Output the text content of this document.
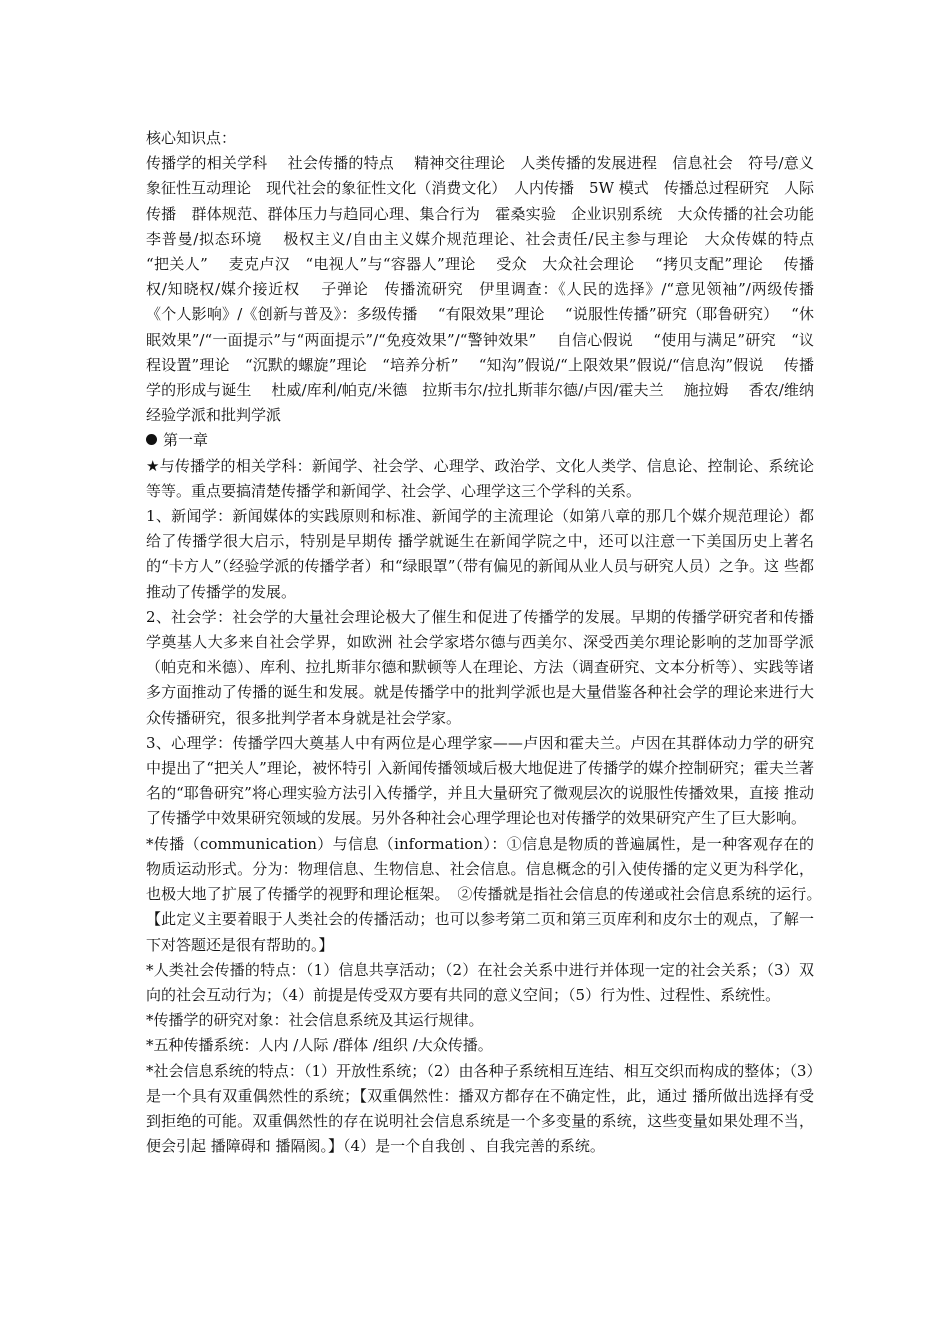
核心知识点：

传播学的相关学科　 社会传播的特点　 精神交往理论　人类传播的发展进程　信息社会　符号/意义象征性互动理论　现代社会的象征性文化（消费文化）　人内传播　5W 模式　传播总过程研究　人际传播　群体规范、群体压力与趋同心理、集合行为　霍桑实验　企业识别系统　大众传播的社会功能　李普曼/拟态环境　 极权主义/自由主义媒介规范理论、社会责任/民主参与理论　大众传媒的特点　 “把关人”　 麦克卢汉　“电视人”与“容器人”理论　 受众　大众社会理论　 “拷贝支配”理论　 传播权/知晓权/媒介接近权　 子弹论　传播流研究　伊里调查：《人民的选择》/“意见领袖”/两级传播　 《个人影响》/《创新与普及》：多级传播　 “有限效果”理论　 “说服性传播”研究（耶鲁研究）　 “休眠效果”/“一面提示”与“两面提示”/“免疫效果”/“警钟效果”　 自信心假说　 “使用与满足”研究　“议程设置”理论　“沉默的螺旋”理论　“培养分析”　 “知沟”假说/“上限效果”假说/“信息沟”假说　 传播学的形成与诞生　 杜威/库利/帕克/米德　拉斯韦尔/拉扎斯菲尔德/卢因/霍夫兰　 施拉姆　 香农/维纳　 经验学派和批判学派

第一章

★与传播学的相关学科：新闻学、社会学、心理学、政治学、文化人类学、信息论、控制论、系统论等等。重点要搞清楚传播学和新闻学、社会学、心理学这三个学科的关系。

1、新闻学：新闻媒体的实践原则和标准、新闻学的主流理论（如第八章的那几个媒介规范理论）都给了传播学很大启示，特别是早期传 播学就诞生在新闻学院之中，还可以注意一下美国历史上著名的“卡方人”（经验学派的传播学者）和“绿眼罩”（带有偏见的新闻从业人员与研究人员）之争。这 些都推动了传播学的发展。

2、社会学：社会学的大量社会理论极大了催生和促进了传播学的发展。早期的传播学研究者和传播学奠基人大多来自社会学界，如欧洲 社会学家塔尔德与西美尔、深受西美尔理论影响的芝加哥学派（帕克和米德）、库利、拉扎斯菲尔德和默顿等人在理论、方法（调查研究、文本分析等）、实践等诸 多方面推动了传播的诞生和发展。就是传播学中的批判学派也是大量借鉴各种社会学的理论来进行大众传播研究，很多批判学者本身就是社会学家。

3、心理学：传播学四大奠基人中有两位是心理学家——卢因和霍夫兰。卢因在其群体动力学的研究中提出了“把关人”理论，被怀特引 入新闻传播领域后极大地促进了传播学的媒介控制研究；霍夫兰著名的“耶鲁研究”将心理实验方法引入传播学，并且大量研究了微观层次的说服性传播效果，直接 推动了传播学中效果研究领域的发展。另外各种社会心理学理论也对传播学的效果研究产生了巨大影响。

*传播（communication）与信息（information）：①信息是物质的普遍属性，是一种客观存在的物质运动形式。分为：物理信息、生物信息、社会信息。信息概念的引入使传播的定义更为科学化，也极大地了扩展了传播学的视野和理论框架。　②传播就是指社会信息的传递或社会信息系统的运行。　　　　　　　　【此定义主要着眼于人类社会的传播活动；也可以参考第二页和第三页库利和皮尔士的观点，了解一下对答题还是很有帮助的。】

*人类社会传播的特点：（1）信息共享活动；（2）在社会关系中进行并体现一定的社会关系；（3）双向的社会互动行为；（4）前提是传受双方要有共同的意义空间；（5）行为性、过程性、系统性。

*传播学的研究对象：社会信息系统及其运行规律。

*五种传播系统：人内 /人际 /群体 /组织 /大众传播。

*社会信息系统的特点：（1）开放性系统；（2）由各种子系统相互连结、相互交织而构成的整体；（3）是一个具有双重偶然性的系统；【双重偶然性：播双方都存在不确定性，此，通过 播所做出选择有受到拒绝的可能。双重偶然性的存在说明社会信息系统是一个多变量的系统，这些变量如果处理不当，便会引起 播障碍和 播隔阂。】（4）是一个自我创 、自我完善的系统。
